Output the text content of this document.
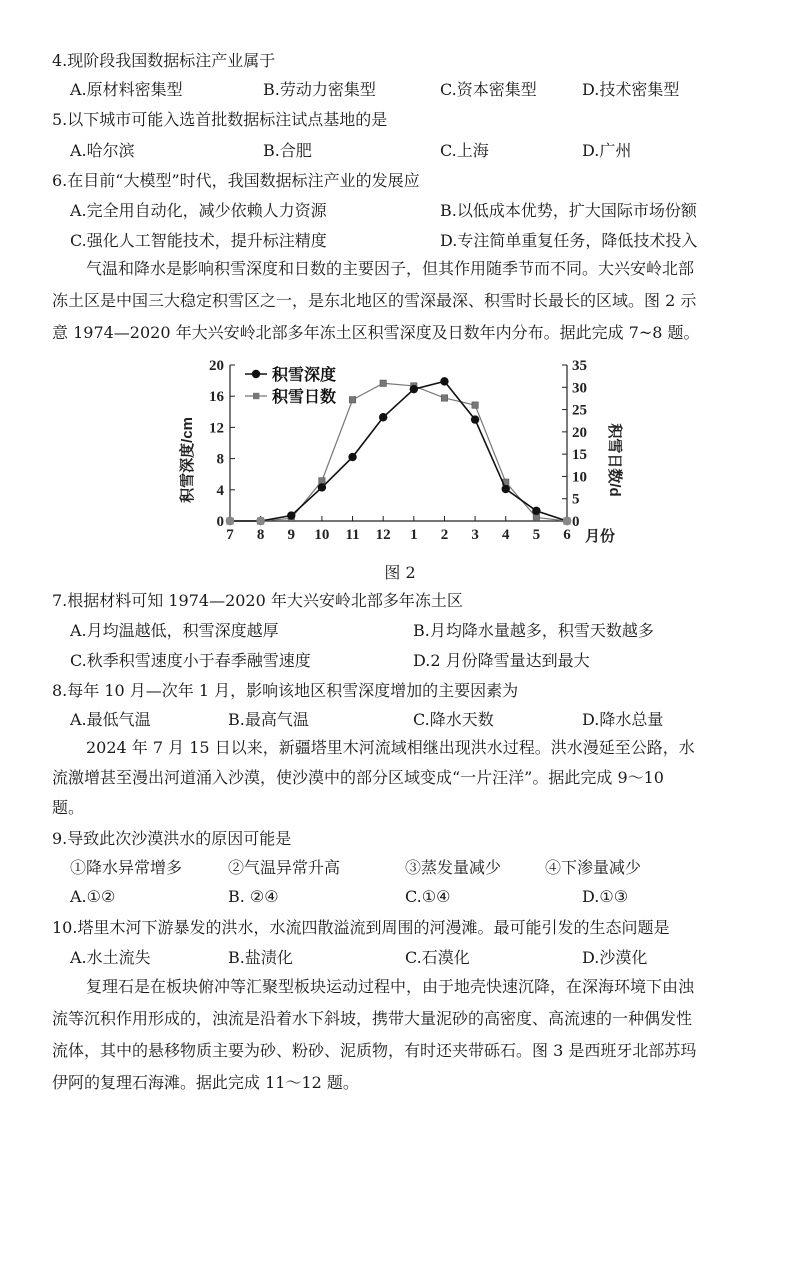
4.现阶段我国数据标注产业属于
A.原材料密集型	B.劳动力密集型	C.资本密集型	D.技术密集型
5.以下城市可能入选首批数据标注试点基地的是
A.哈尔滨	B.合肥	C.上海	D.广州
6.在目前“大模型”时代，我国数据标注产业的发展应
A.完全用自动化，减少依赖人力资源	B.以低成本优势，扩大国际市场份额
C.强化人工智能技术，提升标注精度	D.专注简单重复任务，降低技术投入
气温和降水是影响积雪深度和日数的主要因子，但其作用随季节而不同。大兴安岭北部
冻土区是中国三大稳定积雪区之一，是东北地区的雪深最深、积雪时长最长的区域。图 2 示
意 1974—2020 年大兴安岭北部多年冻土区积雪深度及日数年内分布。据此完成 7~8 题。
0
4
8
12
16
20
0
5
10
15
20
25
30
35
7 8 9 10 11 12 1 2 3 4 5 6
积雪深度
积雪日数
积雪深度/cm	积雪日数/d
月份
图 2
7.根据材料可知 1974—2020 年大兴安岭北部多年冻土区
A.月均温越低，积雪深度越厚	B.月均降水量越多，积雪天数越多
C.秋季积雪速度小于春季融雪速度	D.2 月份降雪量达到最大
8.每年 10 月—次年 1 月，影响该地区积雪深度增加的主要因素为
A.最低气温	B.最高气温	C.降水天数	D.降水总量
2024 年 7 月 15 日以来，新疆塔里木河流域相继出现洪水过程。洪水漫延至公路，水
流激增甚至漫出河道涌入沙漠，使沙漠中的部分区域变成“一片汪洋”。据此完成 9～10
题。
9.导致此次沙漠洪水的原因可能是
①降水异常增多	②气温异常升高	③蒸发量减少	④下渗量减少
A.①②	B. ②④	C.①④	D.①③
10.塔里木河下游暴发的洪水，水流四散溢流到周围的河漫滩。最可能引发的生态问题是
A.水土流失	B.盐渍化	C.石漠化	D.沙漠化
复理石是在板块俯冲等汇聚型板块运动过程中，由于地壳快速沉降，在深海环境下由浊
流等沉积作用形成的，浊流是沿着水下斜坡，携带大量泥砂的高密度、高流速的一种偶发性
流体，其中的悬移物质主要为砂、粉砂、泥质物，有时还夹带砾石。图 3 是西班牙北部苏玛
伊阿的复理石海滩。据此完成 11～12 题。
